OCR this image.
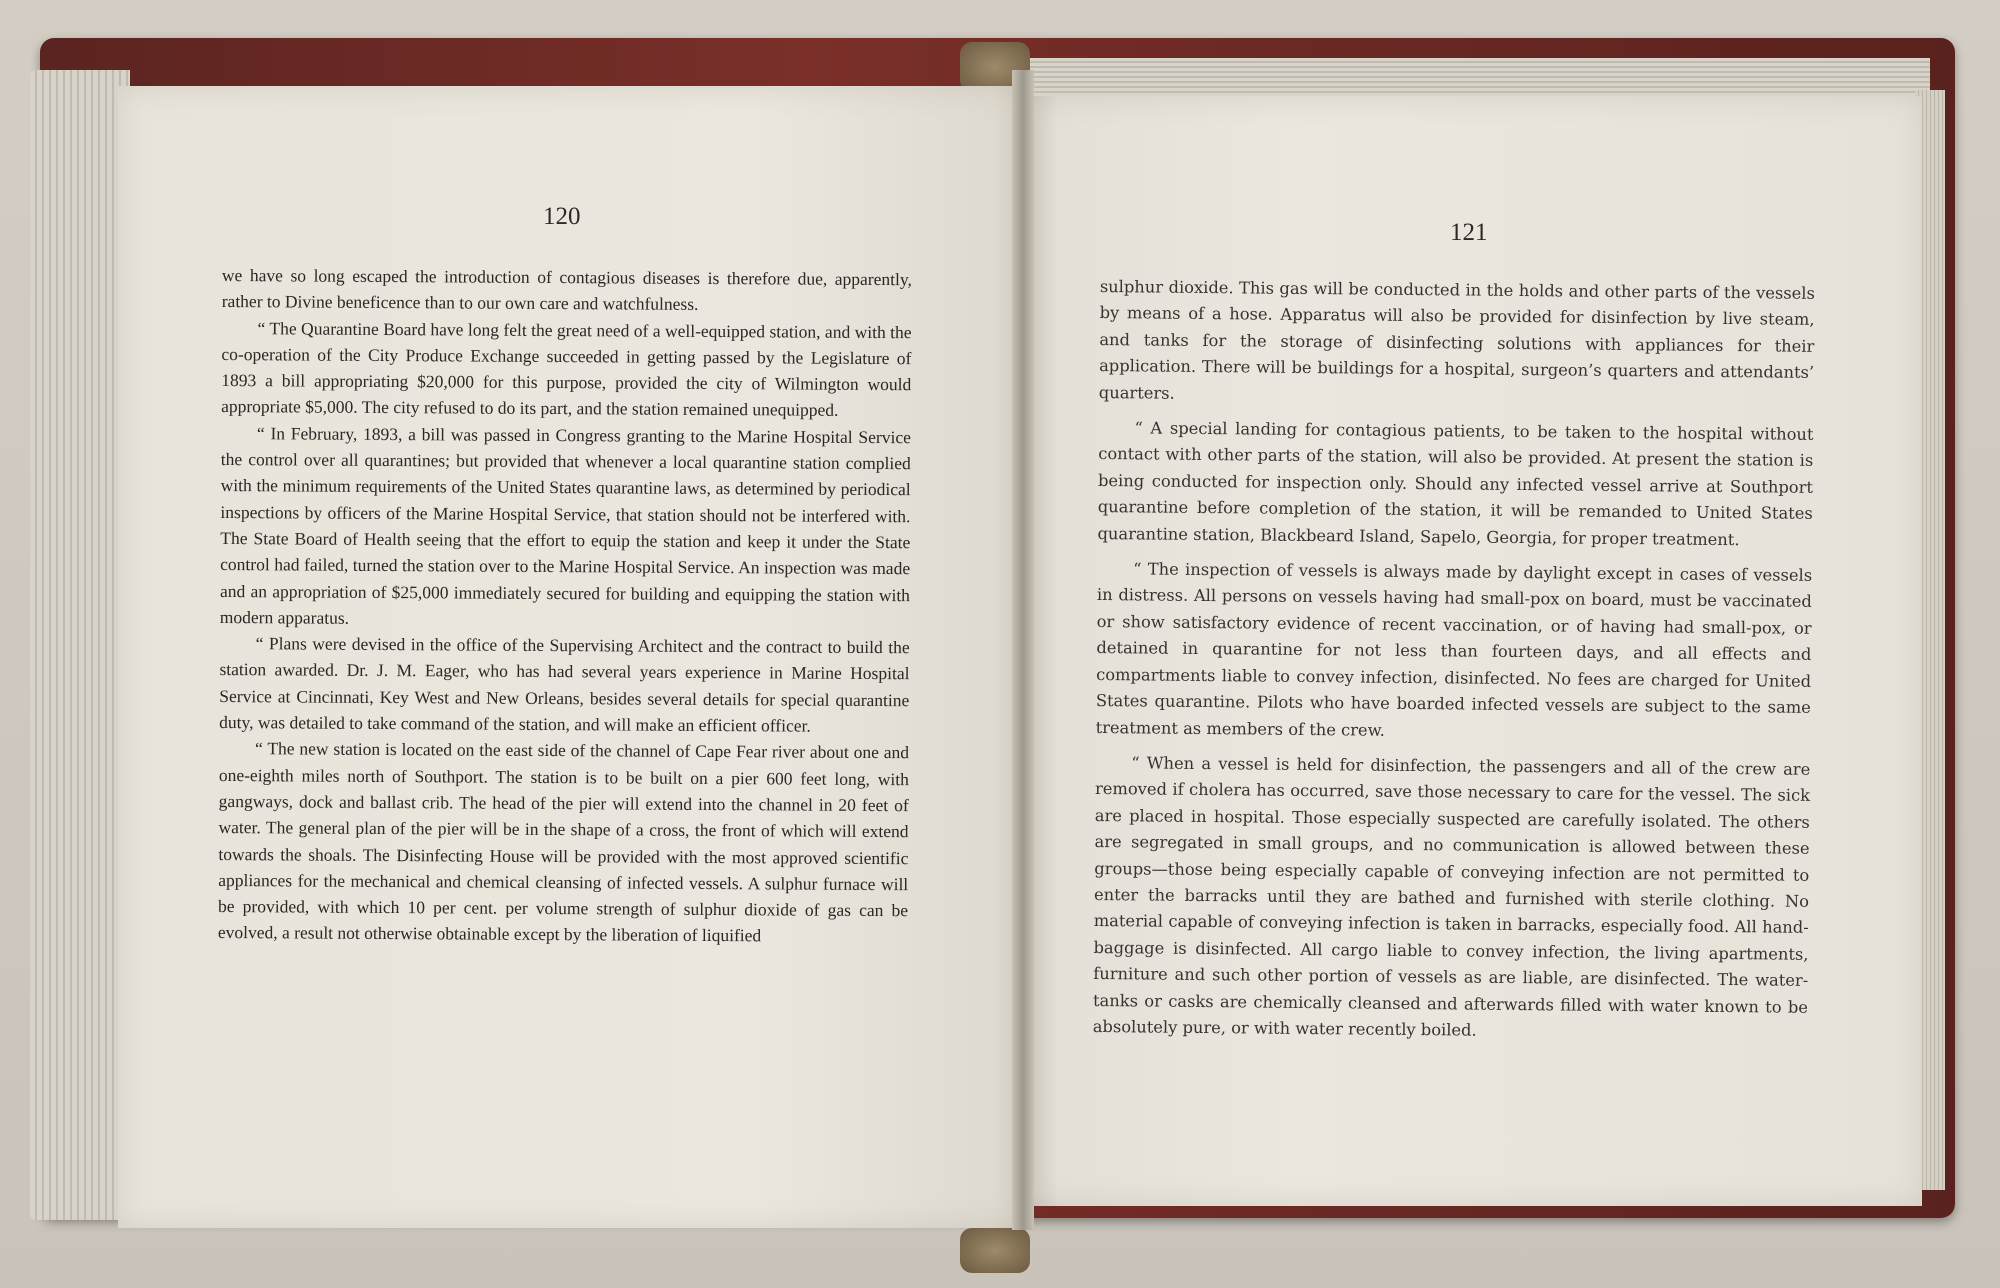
120
121

we have so long escaped the introduction of contagious diseases is therefore due, apparently, rather to Divine beneficence than to our own care and watchfulness.

“ The Quarantine Board have long felt the great need of a well-equipped station, and with the co-operation of the City Produce Exchange succeeded in getting passed by the Legislature of 1893 a bill appropriating $20,000 for this purpose, provided the city of Wilmington would appropriate $5,000. The city refused to do its part, and the station remained unequipped.

“ In February, 1893, a bill was passed in Congress granting to the Marine Hospital Service the control over all quarantines; but provided that whenever a local quarantine station complied with the minimum requirements of the United States quarantine laws, as determined by periodical inspections by officers of the Marine Hospital Service, that station should not be interfered with. The State Board of Health seeing that the effort to equip the station and keep it under the State control had failed, turned the station over to the Marine Hospital Service. An inspection was made and an appropriation of $25,000 immediately secured for building and equipping the station with modern apparatus.

“ Plans were devised in the office of the Supervising Architect and the contract to build the station awarded. Dr. J. M. Eager, who has had several years experience in Marine Hospital Service at Cincinnati, Key West and New Orleans, besides several details for special quarantine duty, was detailed to take command of the station, and will make an efficient officer.

“ The new station is located on the east side of the channel of Cape Fear river about one and one-eighth miles north of Southport. The station is to be built on a pier 600 feet long, with gangways, dock and ballast crib. The head of the pier will extend into the channel in 20 feet of water. The general plan of the pier will be in the shape of a cross, the front of which will extend towards the shoals. The Disinfecting House will be provided with the most approved scientific appliances for the mechanical and chemical cleansing of infected vessels. A sulphur furnace will be provided, with which 10 per cent. per volume strength of sulphur dioxide of gas can be evolved, a result not otherwise obtainable except by the liberation of liquified

sulphur dioxide. This gas will be conducted in the holds and other parts of the vessels by means of a hose. Apparatus will also be provided for disinfection by live steam, and tanks for the storage of disinfecting solutions with appliances for their application. There will be buildings for a hospital, surgeon’s quarters and attendants’ quarters.

“ A special landing for contagious patients, to be taken to the hospital without contact with other parts of the station, will also be provided. At present the station is being conducted for inspection only. Should any infected vessel arrive at Southport quarantine before completion of the station, it will be remanded to United States quarantine station, Blackbeard Island, Sapelo, Georgia, for proper treatment.

“ The inspection of vessels is always made by daylight except in cases of vessels in distress. All persons on vessels having had small-pox on board, must be vaccinated or show satisfactory evidence of recent vaccination, or of having had small-pox, or detained in quarantine for not less than fourteen days, and all effects and compartments liable to convey infection, disinfected. No fees are charged for United States quarantine. Pilots who have boarded infected vessels are subject to the same treatment as members of the crew.

“ When a vessel is held for disinfection, the passengers and all of the crew are removed if cholera has occurred, save those necessary to care for the vessel. The sick are placed in hospital. Those especially suspected are carefully isolated. The others are segregated in small groups, and no communication is allowed between these groups—those being especially capable of conveying infection are not permitted to enter the barracks until they are bathed and furnished with sterile clothing. No material capable of conveying infection is taken in barracks, especially food. All hand-baggage is disinfected. All cargo liable to convey infection, the living apartments, furniture and such other portion of vessels as are liable, are disinfected. The water-tanks or casks are chemically cleansed and afterwards filled with water known to be absolutely pure, or with water recently boiled.
